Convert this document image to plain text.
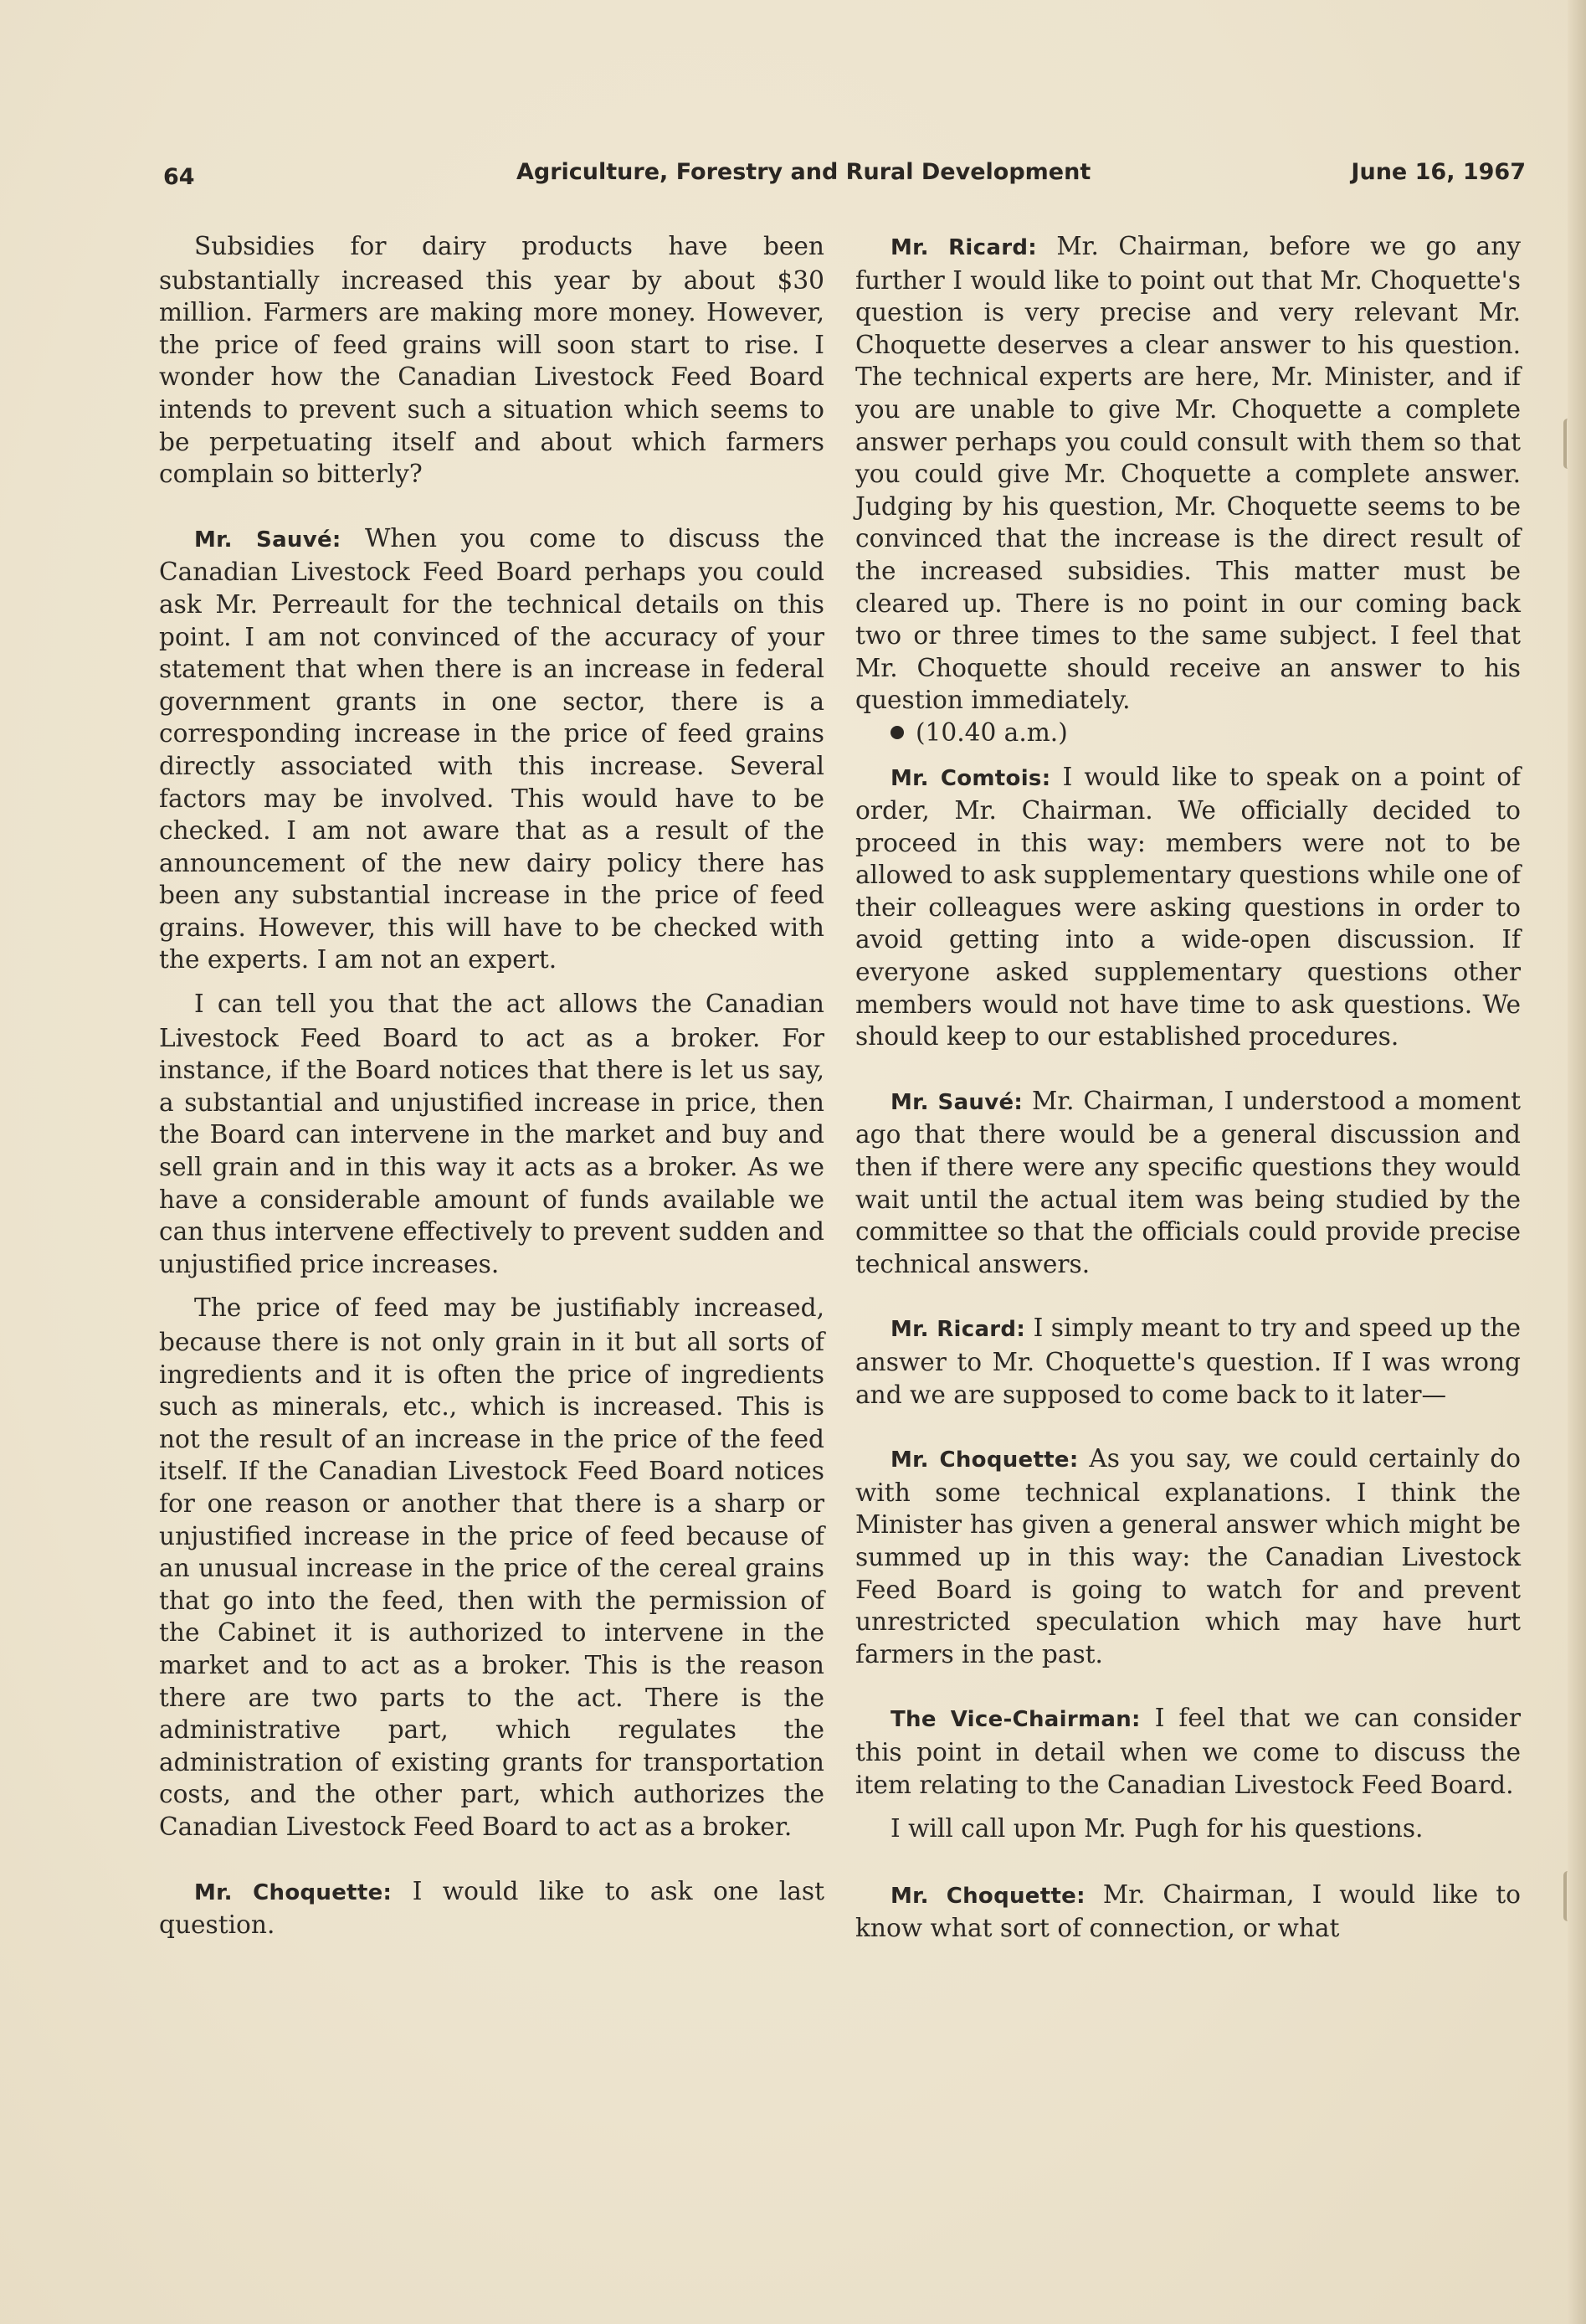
64	Agriculture, Forestry and Rural Development	June 16, 1967

Subsidies for dairy products have been substantially increased this year by about $30 million. Farmers are making more money. However, the price of feed grains will soon start to rise. I wonder how the Canadian Livestock Feed Board intends to prevent such a situation which seems to be perpetuating itself and about which farmers complain so bitterly?

Mr. Sauvé: When you come to discuss the Canadian Livestock Feed Board perhaps you could ask Mr. Perreault for the technical details on this point. I am not convinced of the accuracy of your statement that when there is an increase in federal government grants in one sector, there is a corresponding increase in the price of feed grains directly associated with this increase. Several factors may be involved. This would have to be checked. I am not aware that as a result of the announcement of the new dairy policy there has been any substantial increase in the price of feed grains. However, this will have to be checked with the experts. I am not an expert.

I can tell you that the act allows the Canadian Livestock Feed Board to act as a broker. For instance, if the Board notices that there is let us say, a substantial and unjustified increase in price, then the Board can intervene in the market and buy and sell grain and in this way it acts as a broker. As we have a considerable amount of funds available we can thus intervene effectively to prevent sudden and unjustified price increases.

The price of feed may be justifiably increased, because there is not only grain in it but all sorts of ingredients and it is often the price of ingredients such as minerals, etc., which is increased. This is not the result of an increase in the price of the feed itself. If the Canadian Livestock Feed Board notices for one reason or another that there is a sharp or unjustified increase in the price of feed because of an unusual increase in the price of the cereal grains that go into the feed, then with the permission of the Cabinet it is authorized to intervene in the market and to act as a broker. This is the reason there are two parts to the act. There is the administrative part, which regulates the administration of existing grants for transportation costs, and the other part, which authorizes the Canadian Livestock Feed Board to act as a broker.

Mr. Choquette: I would like to ask one last question.

Mr. Ricard: Mr. Chairman, before we go any further I would like to point out that Mr. Choquette's question is very precise and very relevant Mr. Choquette deserves a clear answer to his question. The technical experts are here, Mr. Minister, and if you are unable to give Mr. Choquette a complete answer perhaps you could consult with them so that you could give Mr. Choquette a complete answer. Judging by his question, Mr. Choquette seems to be convinced that the increase is the direct result of the increased subsidies. This matter must be cleared up. There is no point in our coming back two or three times to the same subject. I feel that Mr. Choquette should receive an answer to his question immediately.

(10.40 a.m.)

Mr. Comtois: I would like to speak on a point of order, Mr. Chairman. We officially decided to proceed in this way: members were not to be allowed to ask supplementary questions while one of their colleagues were asking questions in order to avoid getting into a wide-open discussion. If everyone asked supplementary questions other members would not have time to ask questions. We should keep to our established procedures.

Mr. Sauvé: Mr. Chairman, I understood a moment ago that there would be a general discussion and then if there were any specific questions they would wait until the actual item was being studied by the committee so that the officials could provide precise technical answers.

Mr. Ricard: I simply meant to try and speed up the answer to Mr. Choquette's question. If I was wrong and we are supposed to come back to it later—

Mr. Choquette: As you say, we could certainly do with some technical explanations. I think the Minister has given a general answer which might be summed up in this way: the Canadian Livestock Feed Board is going to watch for and prevent unrestricted speculation which may have hurt farmers in the past.

The Vice-Chairman: I feel that we can consider this point in detail when we come to discuss the item relating to the Canadian Livestock Feed Board.

I will call upon Mr. Pugh for his questions.

Mr. Choquette: Mr. Chairman, I would like to know what sort of connection, or what
